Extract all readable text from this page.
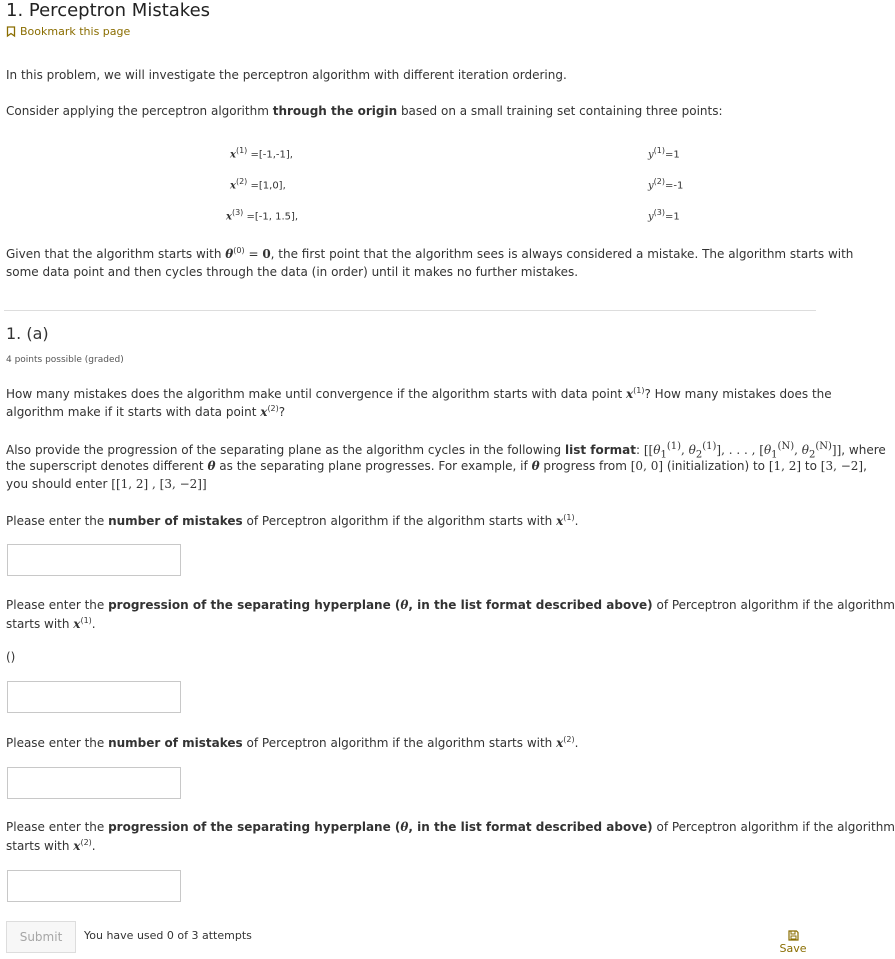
1. Perceptron Mistakes
Bookmark this page
In this problem, we will investigate the perceptron algorithm with different iteration ordering.
Consider applying the perceptron algorithm through the origin based on a small training set containing three points:
$x^{(1)} =[-1,-1]$,	$y^{(1)}=1$
$x^{(2)} =[1,0]$,	$y^{(2)}=-1$
$x^{(3)} =[-1$, 1.5],	$y^{(3)}=1$
Given that the algorithm starts with $\theta^{(0)} = 0$, the first point that the algorithm sees is always considered a mistake. The algorithm starts with
some data point and then cycles through the data (in order) until it makes no further mistakes.
1. (a)
4 points possible (graded)
How many mistakes does the algorithm make until convergence if the algorithm starts with data point $x^{(1)}$? How many mistakes does the
algorithm make if it starts with data point $x^{(2)}$?
Also provide the progression of the separating plane as the algorithm cycles in the following list format: [[$\theta_1^{(1)}$, $\theta_2^{(1)}$], . . . , [$\theta_1^{(N)}$, $\theta_2^{(N)}$]], where
the superscript denotes different θ as the separating plane progresses. For example, if θ progress from [0, 0] (initialization) to [1, 2] to [3, −2],
you should enter [[1, 2] , [3, −2]]
Please enter the number of mistakes of Perceptron algorithm if the algorithm starts with $x^{(1)}$.
Please enter the progression of the separating hyperplane (θ, in the list format described above) of Perceptron algorithm if the algorithm
starts with $x^{(1)}$.
()
Please enter the number of mistakes of Perceptron algorithm if the algorithm starts with $x^{(2)}$.
Please enter the progression of the separating hyperplane (θ, in the list format described above) of Perceptron algorithm if the algorithm
starts with $x^{(2)}$.
Submit	You have used 0 of 3 attempts
Save
